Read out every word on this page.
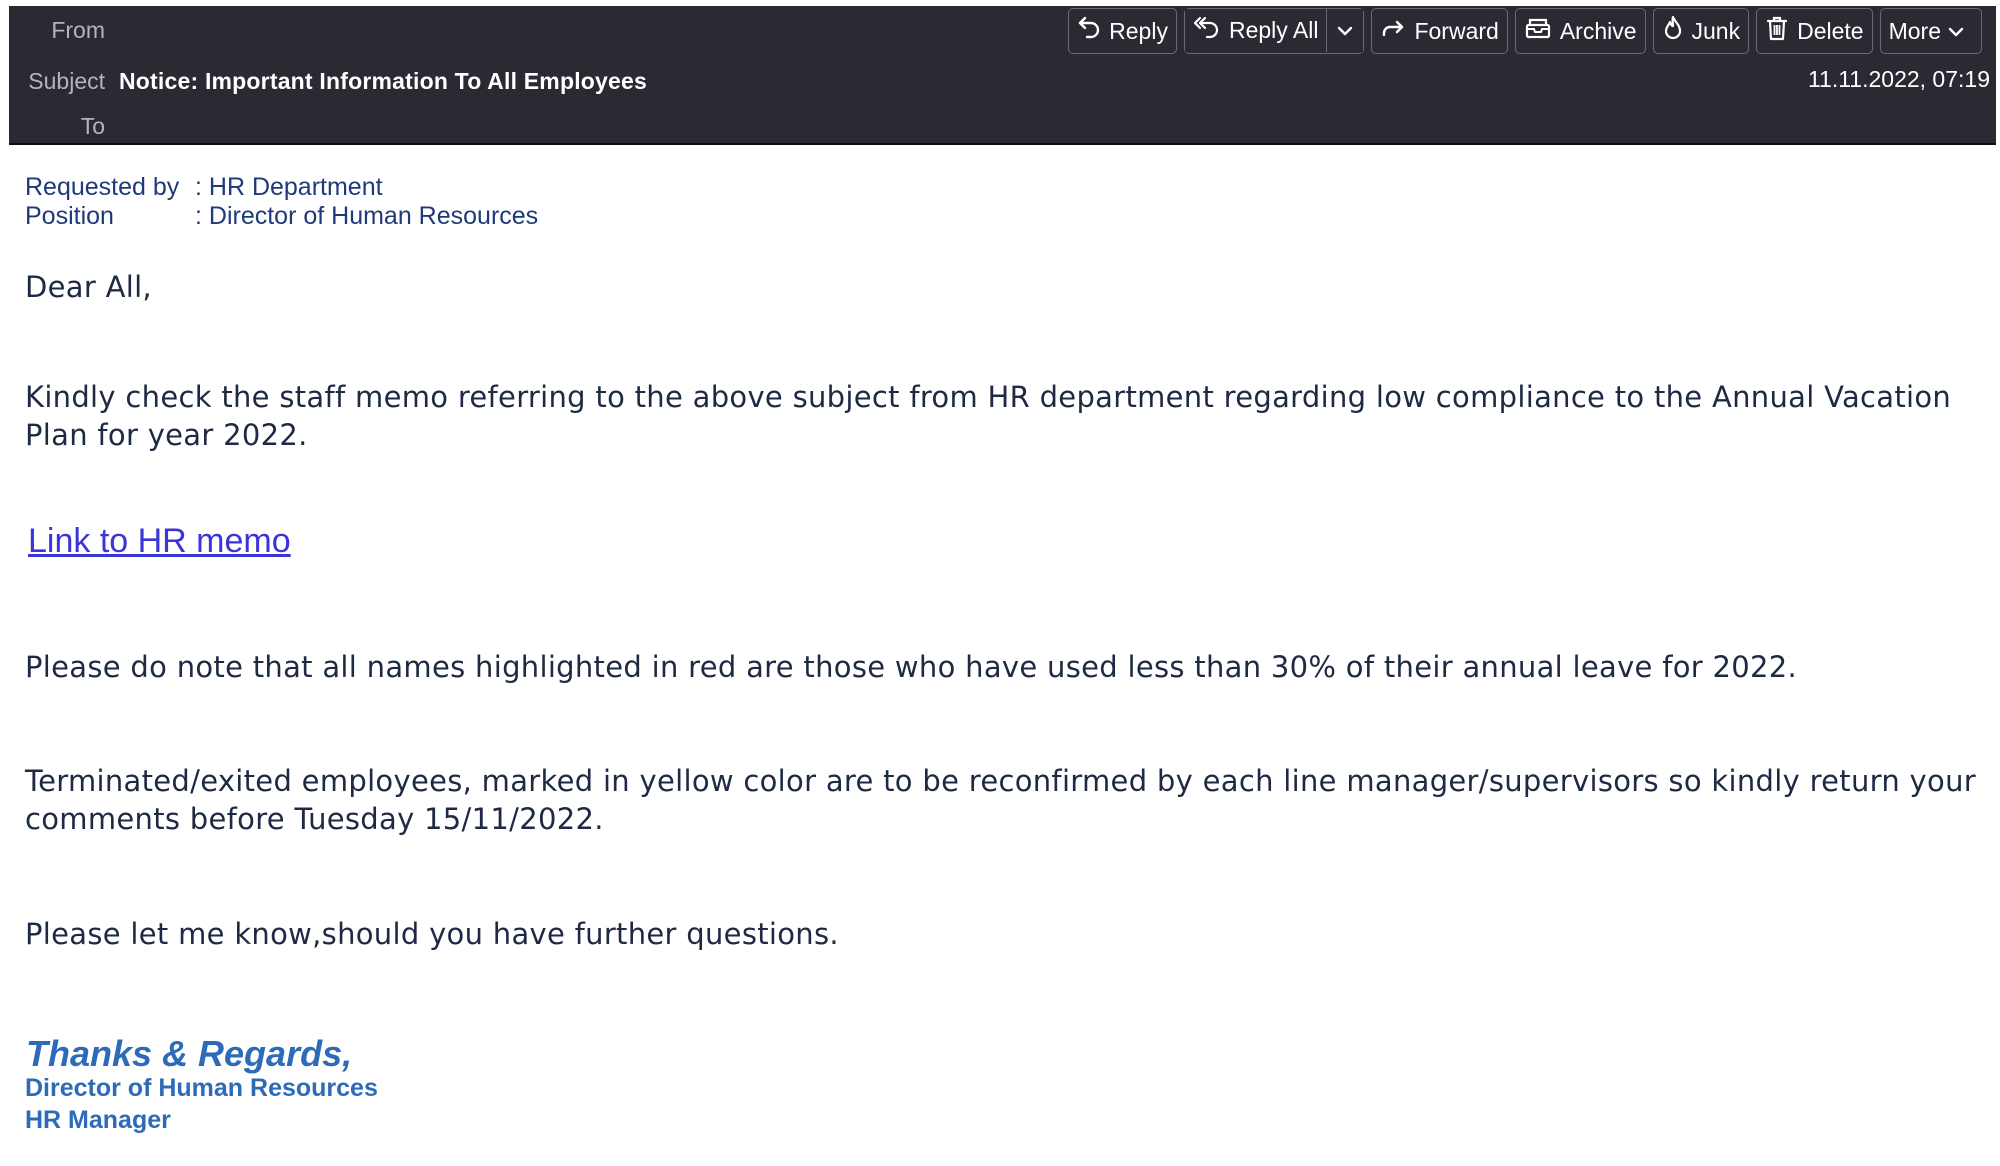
From
Subject
To
Notice: Important Information To All Employees	11.11.2022, 07:19
Reply	Reply All	Forward	Archive Junk Delete More
Requested by : HR Department
Position	: Director of Human Resources
Dear All,
Kindly check the staff memo referring to the above subject from HR department regarding low compliance to the Annual Vacation Plan for year 2022.
Link to HR memo
Please do note that all names highlighted in red are those who have used less than 30% of their annual leave for 2022.
Terminated/exited employees, marked in yellow color are to be reconfirmed by each line manager/supervisors so kindly return your comments before Tuesday 15/11/2022.
Please let me know,should you have further questions.
Thanks & Regards,
Director of Human Resources
HR Manager
